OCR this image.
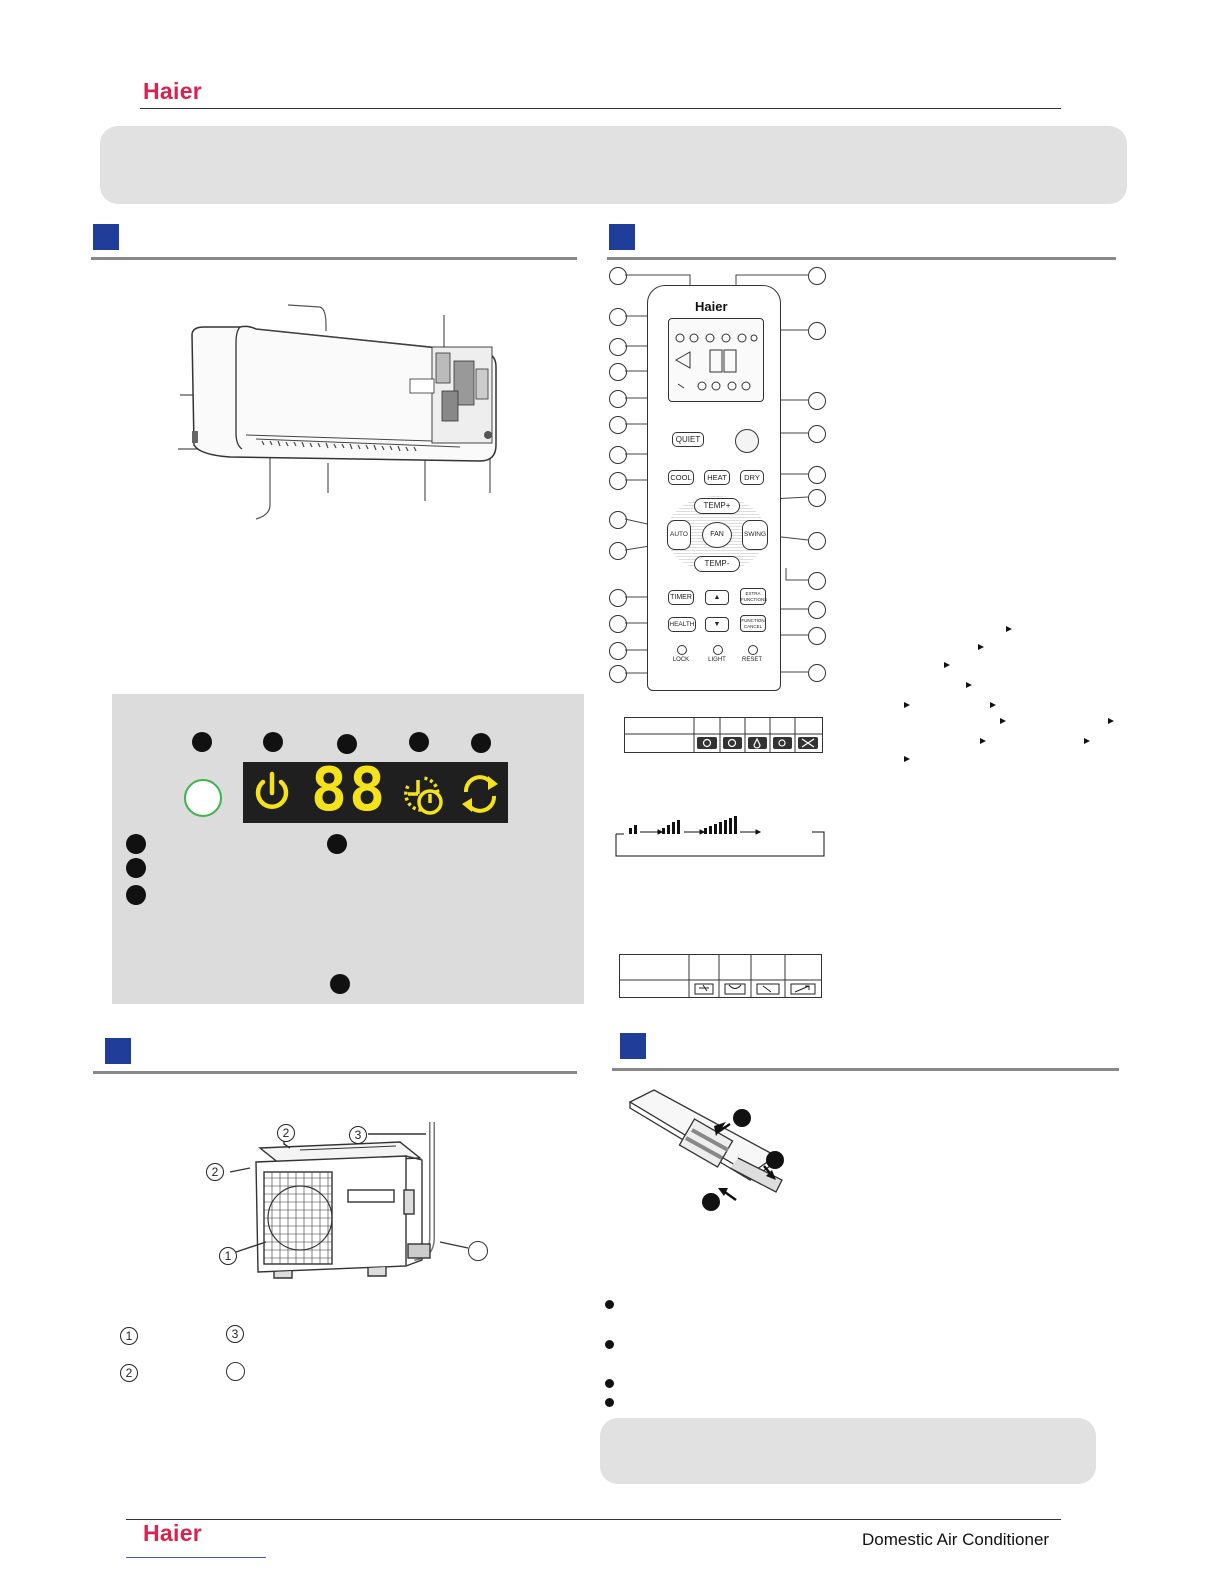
Haier
88
Haier
QUIET
COOL	HEAT	DRY
TEMP+
TEMP-
AUTO	SWING
FAN
TIMER	▲
EXTRA FUNCTIONS
HEALTH	▼
FUNCTION CANCEL
LOCK	LIGHT	RESET
1
2
2
3
1	3
2
Haier	Domestic Air Conditioner
